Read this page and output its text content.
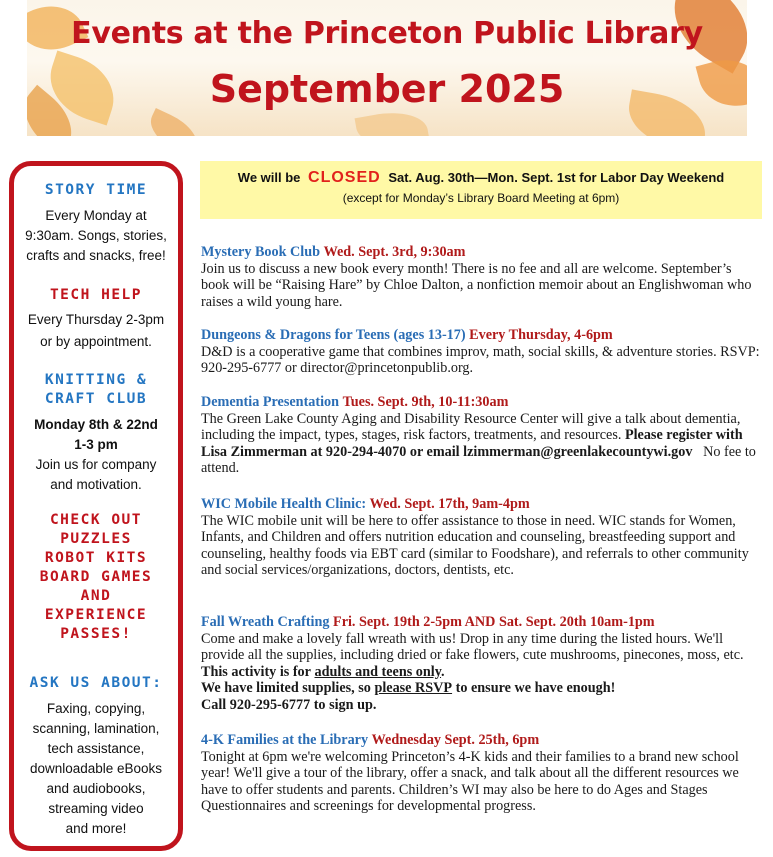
Events at the Princeton Public Library
September 2025
STORY TIME
Every Monday at
9:30am. Songs, stories,
crafts and snacks, free!
TECH HELP
Every Thursday 2-3pm
or by appointment.
KNITTING &
CRAFT CLUB
Monday 8th & 22nd
1-3 pm
Join us for company
and motivation.
CHECK OUT
PUZZLES
ROBOT KITS
BOARD GAMES
AND
EXPERIENCE
PASSES!
ASK US ABOUT:
Faxing, copying,
scanning, lamination,
tech assistance,
downloadable eBooks
and audiobooks,
streaming video
and more!
We will be CLOSED Sat. Aug. 30th—Mon. Sept. 1st for Labor Day Weekend
(except for Monday’s Library Board Meeting at 6pm)
Mystery Book Club Wed. Sept. 3rd, 9:30am
Join us to discuss a new book every month! There is no fee and all are welcome. September’s book will be “Raising Hare” by Chloe Dalton, a nonfiction memoir about an Englishwoman who raises a wild young hare.
Dungeons & Dragons for Teens (ages 13-17) Every Thursday, 4-6pm
D&D is a cooperative game that combines improv, math, social skills, & adventure stories. RSVP: 920-295-6777 or director@princetonpublib.org.
Dementia Presentation Tues. Sept. 9th, 10-11:30am
The Green Lake County Aging and Disability Resource Center will give a talk about dementia, including the impact, types, stages, risk factors, treatments, and resources. Please register with Lisa Zimmerman at 920-294-4070 or email lzimmerman@greenlakecountywi.gov No fee to attend.
WIC Mobile Health Clinic: Wed. Sept. 17th, 9am-4pm
The WIC mobile unit will be here to offer assistance to those in need. WIC stands for Women, Infants, and Children and offers nutrition education and counseling, breastfeeding support and counseling, healthy foods via EBT card (similar to Foodshare), and referrals to other community and social services/organizations, doctors, dentists, etc.
Fall Wreath Crafting Fri. Sept. 19th 2-5pm AND Sat. Sept. 20th 10am-1pm
Come and make a lovely fall wreath with us! Drop in any time during the listed hours. We'll provide all the supplies, including dried or fake flowers, cute mushrooms, pinecones, moss, etc. This activity is for adults and teens only.
We have limited supplies, so please RSVP to ensure we have enough!
Call 920-295-6777 to sign up.
4-K Families at the Library Wednesday Sept. 25th, 6pm
Tonight at 6pm we're welcoming Princeton’s 4-K kids and their families to a brand new school year! We'll give a tour of the library, offer a snack, and talk about all the different resources we have to offer students and parents. Children’s WI may also be here to do Ages and Stages Questionnaires and screenings for developmental progress.
